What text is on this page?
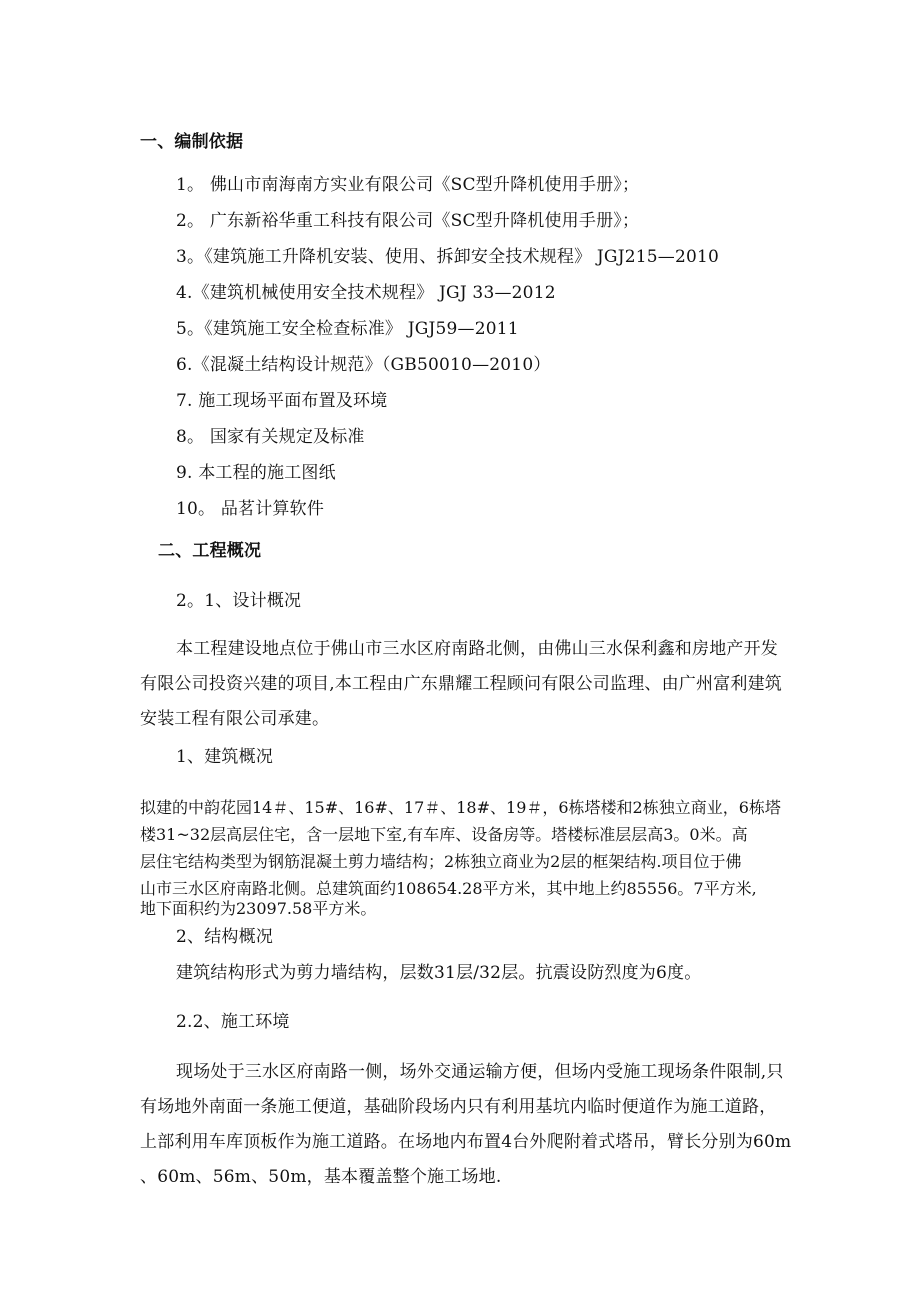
一、编制依据
1。 佛山市南海南方实业有限公司《SC型升降机使用手册》；
2。 广东新裕华重工科技有限公司《SC型升降机使用手册》；
3。《建筑施工升降机安装、使用、拆卸安全技术规程》 JGJ215—2010
4.《建筑机械使用安全技术规程》 JGJ 33—2012
5。《建筑施工安全检查标准》 JGJ59—2011
6.《混凝土结构设计规范》（GB50010—2010）
7. 施工现场平面布置及环境
8。 国家有关规定及标准
9. 本工程的施工图纸
10。 品茗计算软件
二、工程概况
2。1、设计概况
本工程建设地点位于佛山市三水区府南路北侧，由佛山三水保利鑫和房地产开发
有限公司投资兴建的项目,本工程由广东鼎耀工程顾问有限公司监理、由广州富利建筑
安装工程有限公司承建。
1、建筑概况
拟建的中韵花园14＃、15#、16#、17＃、18#、19＃，6栋塔楼和2栋独立商业，6栋塔
楼31~32层高层住宅，含一层地下室,有车库、设备房等。塔楼标准层层高3。0米。高
层住宅结构类型为钢筋混凝土剪力墙结构；2栋独立商业为2层的框架结构.项目位于佛
山市三水区府南路北侧。总建筑面约108654.28平方米，其中地上约85556。7平方米,
地下面积约为23097.58平方米。
2、结构概况
建筑结构形式为剪力墙结构，层数31层/32层。抗震设防烈度为6度。
2.2、施工环境
现场处于三水区府南路一侧，场外交通运输方便，但场内受施工现场条件限制,只
有场地外南面一条施工便道，基础阶段场内只有利用基坑内临时便道作为施工道路，
上部利用车库顶板作为施工道路。在场地内布置4台外爬附着式塔吊，臂长分别为60m
、60m、56m、50m，基本覆盖整个施工场地.
